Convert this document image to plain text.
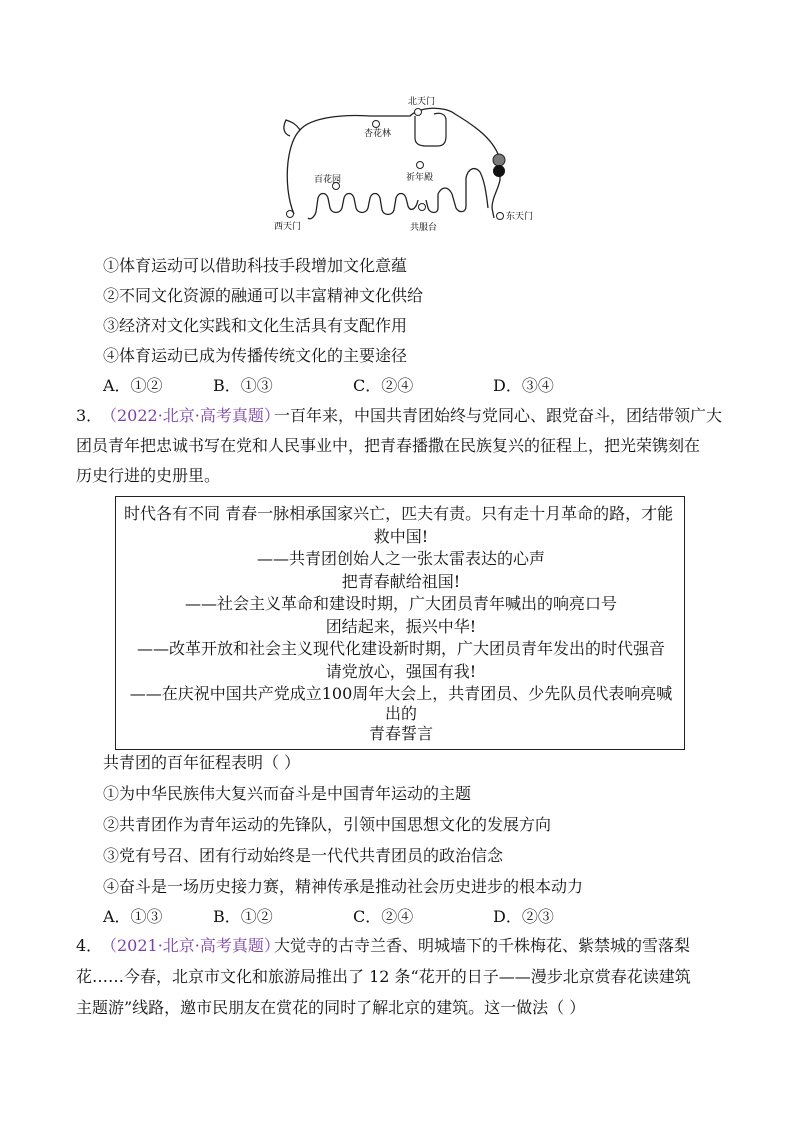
北天门
杏花林
百花园	祈年殿
西天门	共服台
东天门
①体育运动可以借助科技手段增加文化意蕴
②不同文化资源的融通可以丰富精神文化供给
③经济对文化实践和文化生活具有支配作用
④体育运动已成为传播传统文化的主要途径
A．①②	B．①③	C．②④	D．③④
3．
（2022·北京·高考真题）
一百年来，中国共青团始终与党同心、跟党奋斗，团结带领广大
团员青年把忠诚书写在党和人民事业中，把青春播撒在民族复兴的征程上，把光荣镌刻在
历史行进的史册里。
时代各有不同 青春一脉相承国家兴亡，匹夫有责。只有走十月革命的路，才能
救中国!
——共青团创始人之一张太雷表达的心声
把青春献给祖国!
——社会主义革命和建设时期，广大团员青年喊出的响亮口号
团结起来，振兴中华!
——改革开放和社会主义现代化建设新时期，广大团员青年发出的时代强音
请党放心，强国有我!
——在庆祝中国共产党成立100周年大会上，共青团员、少先队员代表响亮喊
出的
青春誓言
共青团的百年征程表明（ ）
①为中华民族伟大复兴而奋斗是中国青年运动的主题
②共青团作为青年运动的先锋队，引领中国思想文化的发展方向
③党有号召、团有行动始终是一代代共青团员的政治信念
④奋斗是一场历史接力赛，精神传承是推动社会历史进步的根本动力
A．①③	B．①②	C．②④	D．②③
4．
（2021·北京·高考真题）
大觉寺的古寺兰香、明城墙下的千株梅花、紫禁城的雪落梨
花……今春，北京市文化和旅游局推出了 12 条“花开的日子——漫步北京赏春花读建筑
主题游”线路，邀市民朋友在赏花的同时了解北京的建筑。这一做法（ ）
